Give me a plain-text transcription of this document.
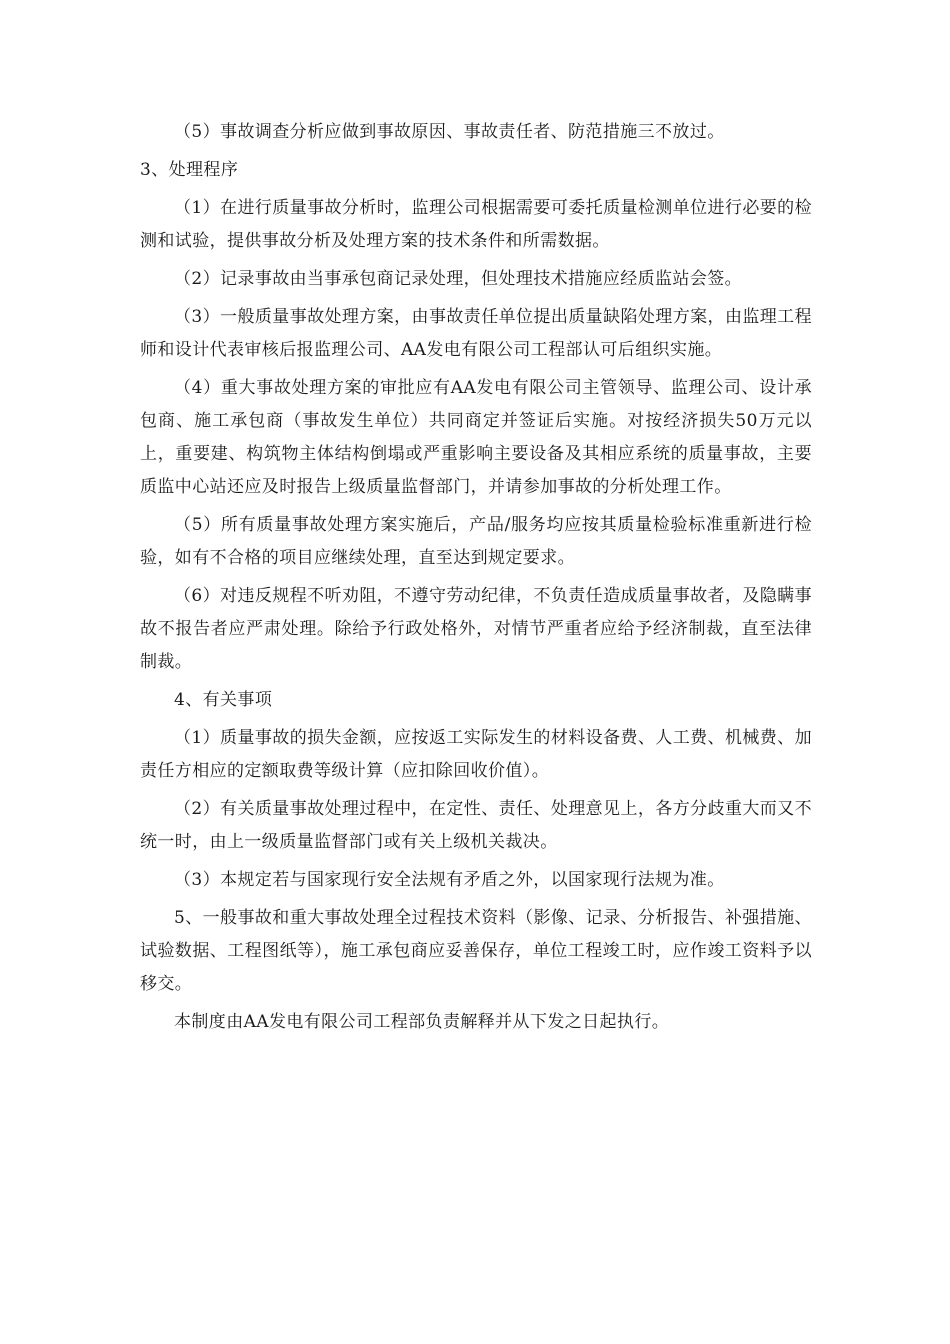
（5）事故调查分析应做到事故原因、事故责任者、防范措施三不放过。

3、处理程序

（1）在进行质量事故分析时，监理公司根据需要可委托质量检测单位进行必要的检测和试验，提供事故分析及处理方案的技术条件和所需数据。

（2）记录事故由当事承包商记录处理，但处理技术措施应经质监站会签。

（3）一般质量事故处理方案，由事故责任单位提出质量缺陷处理方案，由监理工程师和设计代表审核后报监理公司、AA发电有限公司工程部认可后组织实施。

（4）重大事故处理方案的审批应有AA发电有限公司主管领导、监理公司、设计承包商、施工承包商（事故发生单位）共同商定并签证后实施。对按经济损失50万元以上，重要建、构筑物主体结构倒塌或严重影响主要设备及其相应系统的质量事故，主要质监中心站还应及时报告上级质量监督部门，并请参加事故的分析处理工作。

（5）所有质量事故处理方案实施后，产品/服务均应按其质量检验标准重新进行检验，如有不合格的项目应继续处理，直至达到规定要求。

（6）对违反规程不听劝阻，不遵守劳动纪律，不负责任造成质量事故者，及隐瞒事故不报告者应严肃处理。除给予行政处格外，对情节严重者应给予经济制裁，直至法律制裁。

4、有关事项

（1）质量事故的损失金额，应按返工实际发生的材料设备费、人工费、机械费、加责任方相应的定额取费等级计算（应扣除回收价值）。

（2）有关质量事故处理过程中，在定性、责任、处理意见上，各方分歧重大而又不统一时，由上一级质量监督部门或有关上级机关裁决。

（3）本规定若与国家现行安全法规有矛盾之外，以国家现行法规为准。

5、一般事故和重大事故处理全过程技术资料（影像、记录、分析报告、补强措施、试验数据、工程图纸等），施工承包商应妥善保存，单位工程竣工时，应作竣工资料予以移交。

本制度由AA发电有限公司工程部负责解释并从下发之日起执行。
